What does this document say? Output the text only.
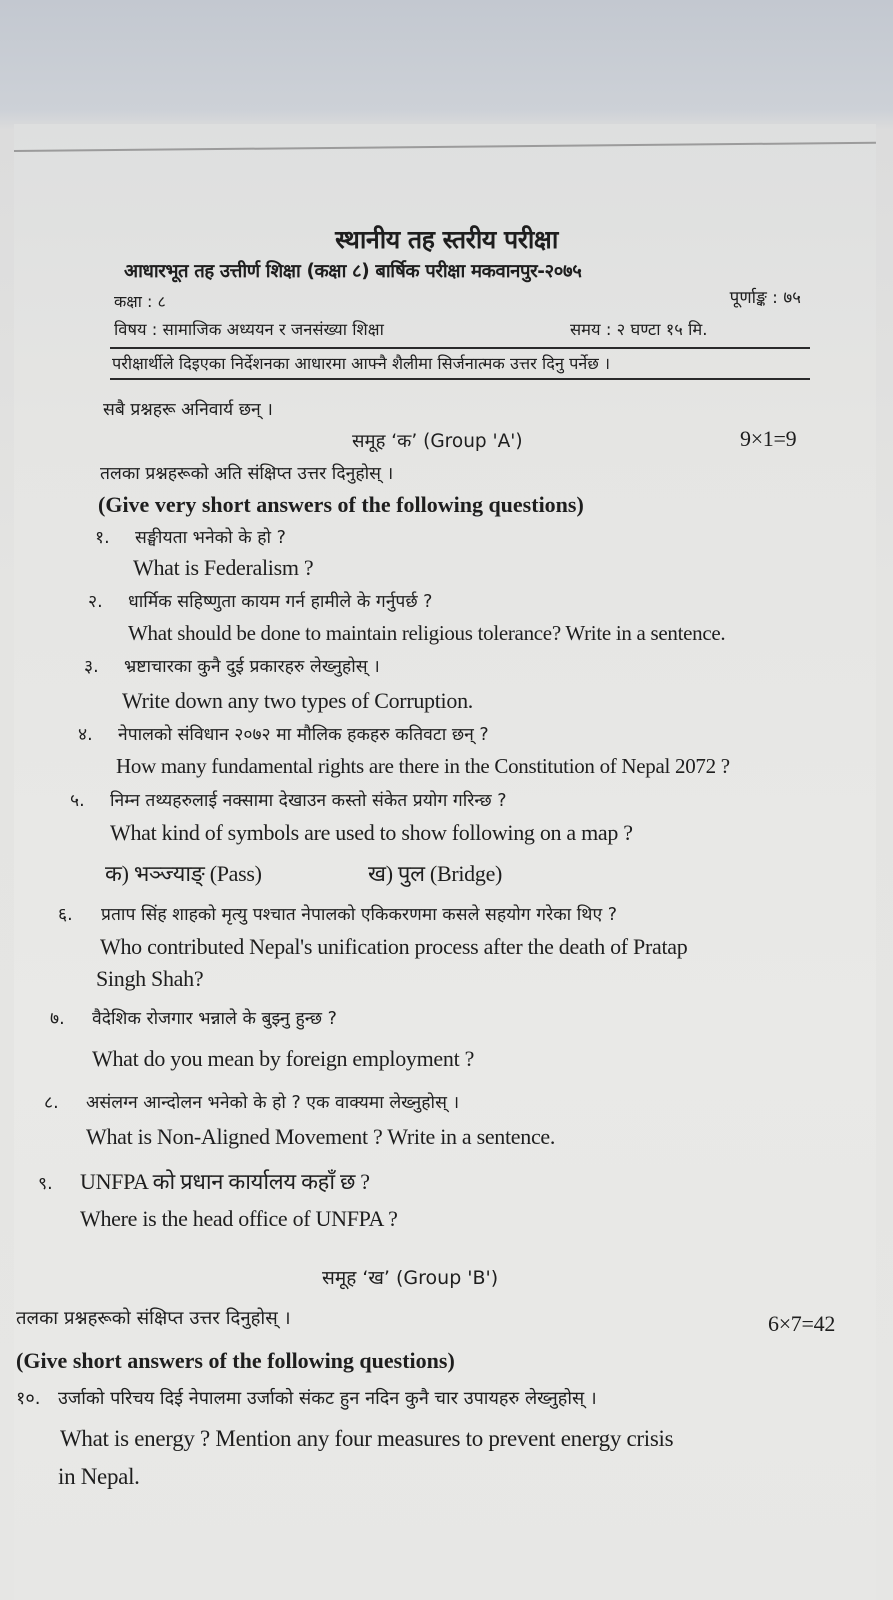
स्थानीय तह स्तरीय परीक्षा
आधारभूत तह उत्तीर्ण शिक्षा (कक्षा ८) बार्षिक परीक्षा मकवानपुर-२०७५
कक्षा : ८	पूर्णाङ्क : ७५
विषय : सामाजिक अध्ययन र जनसंख्या शिक्षा	समय : २ घण्टा १५ मि.
परीक्षार्थीले दिइएका निर्देशनका आधारमा आफ्नै शैलीमा सिर्जनात्मक उत्तर दिनु पर्नेछ ।
सबै प्रश्नहरू अनिवार्य छन् ।
समूह ‘क’ (Group 'A')	9×1=9
तलका प्रश्नहरूको अति संक्षिप्त उत्तर दिनुहोस् ।
(Give very short answers of the following questions)
१. सङ्घीयता भनेको के हो ?
What is Federalism ?
२. धार्मिक सहिष्णुता कायम गर्न हामीले के गर्नुपर्छ ?
What should be done to maintain religious tolerance? Write in a sentence.
३. भ्रष्टाचारका कुनै दुई प्रकारहरु लेख्नुहोस् ।
Write down any two types of Corruption.
४. नेपालको संविधान २०७२ मा मौलिक हकहरु कतिवटा छन् ?
How many fundamental rights are there in the Constitution of Nepal 2072 ?
५. निम्न तथ्यहरुलाई नक्सामा देखाउन कस्तो संकेत प्रयोग गरिन्छ ?
What kind of symbols are used to show following on a map ?
क) भञ्ज्याङ् (Pass)	ख) पुल (Bridge)
६. प्रताप सिंह शाहको मृत्यु पश्चात नेपालको एकिकरणमा कसले सहयोग गरेका थिए ?
Who contributed Nepal's unification process after the death of Pratap
Singh Shah?
७. वैदेशिक रोजगार भन्नाले के बुझ्नु हुन्छ ?
What do you mean by foreign employment ?
८. असंलग्न आन्दोलन भनेको के हो ? एक वाक्यमा लेख्नुहोस् ।
What is Non-Aligned Movement ? Write in a sentence.
९. UNFPA को प्रधान कार्यालय कहाँ छ ?
Where is the head office of UNFPA ?
समूह ‘ख’ (Group 'B')
तलका प्रश्नहरूको संक्षिप्त उत्तर दिनुहोस् ।	6×7=42
(Give short answers of the following questions)
१०. उर्जाको परिचय दिई नेपालमा उर्जाको संकट हुन नदिन कुनै चार उपायहरु लेख्नुहोस् ।
What is energy ? Mention any four measures to prevent energy crisis
in Nepal.
